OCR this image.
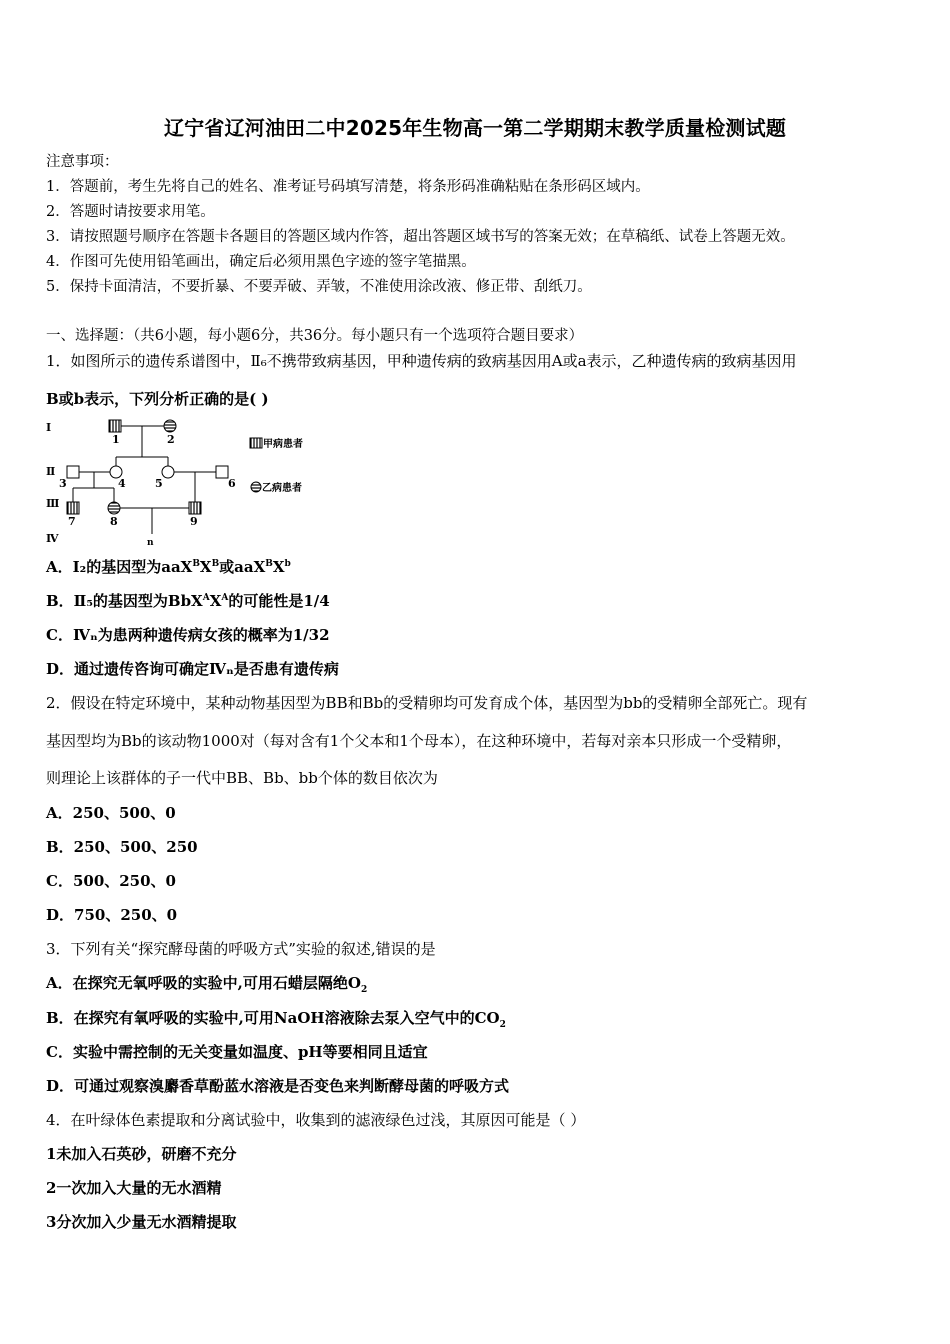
辽宁省辽河油田二中2025年生物高一第二学期期末教学质量检测试题
注意事项：
1．答题前，考生先将自己的姓名、准考证号码填写清楚，将条形码准确粘贴在条形码区域内。
2．答题时请按要求用笔。
3．请按照题号顺序在答题卡各题目的答题区域内作答，超出答题区域书写的答案无效；在草稿纸、试卷上答题无效。
4．作图可先使用铅笔画出，确定后必须用黑色字迹的签字笔描黑。
5．保持卡面清洁，不要折暴、不要弄破、弄皱，不准使用涂改液、修正带、刮纸刀。
一、选择题：（共6小题，每小题6分，共36分。每小题只有一个选项符合题目要求）
1．如图所示的遗传系谱图中，Ⅱ₆不携带致病基因，甲种遗传病的致病基因用A或a表示，乙种遗传病的致病基因用
B或b表示，下列分析正确的是( )
I
Ⅱ
Ⅲ
Ⅳ
1	2
3	4	5	6
7	8	9
n
甲病患者
乙病患者
A．Ⅰ₂的基因型为$aaX^BX^B$或$aaX^BX^b$
B．Ⅱ₅的基因型为$BbX^AX^A$的可能性是1/4
C．Ⅳₙ为患两种遗传病女孩的概率为1/32
D．通过遗传咨询可确定Ⅳₙ是否患有遗传病
2．假设在特定环境中，某种动物基因型为BB和Bb的受精卵均可发育成个体，基因型为bb的受精卵全部死亡。现有
基因型均为Bb的该动物1000对（每对含有1个父本和1个母本），在这种环境中，若每对亲本只形成一个受精卵，
则理论上该群体的子一代中BB、Bb、bb个体的数目依次为
A．250、500、0
B．250、500、250
C．500、250、0
D．750、250、0
3．下列有关“探究酵母菌的呼吸方式”实验的叙述,错误的是
A．在探究无氧呼吸的实验中,可用石蜡层隔绝$O_2$
B．在探究有氧呼吸的实验中,可用NaOH溶液除去泵入空气中的$CO_2$
C．实验中需控制的无关变量如温度、pH等要相同且适宜
D．可通过观察溴麝香草酚蓝水溶液是否变色来判断酵母菌的呼吸方式
4．在叶绿体色素提取和分离试验中，收集到的滤液绿色过浅，其原因可能是（ ）
1未加入石英砂，研磨不充分
2一次加入大量的无水酒精
3分次加入少量无水酒精提取
